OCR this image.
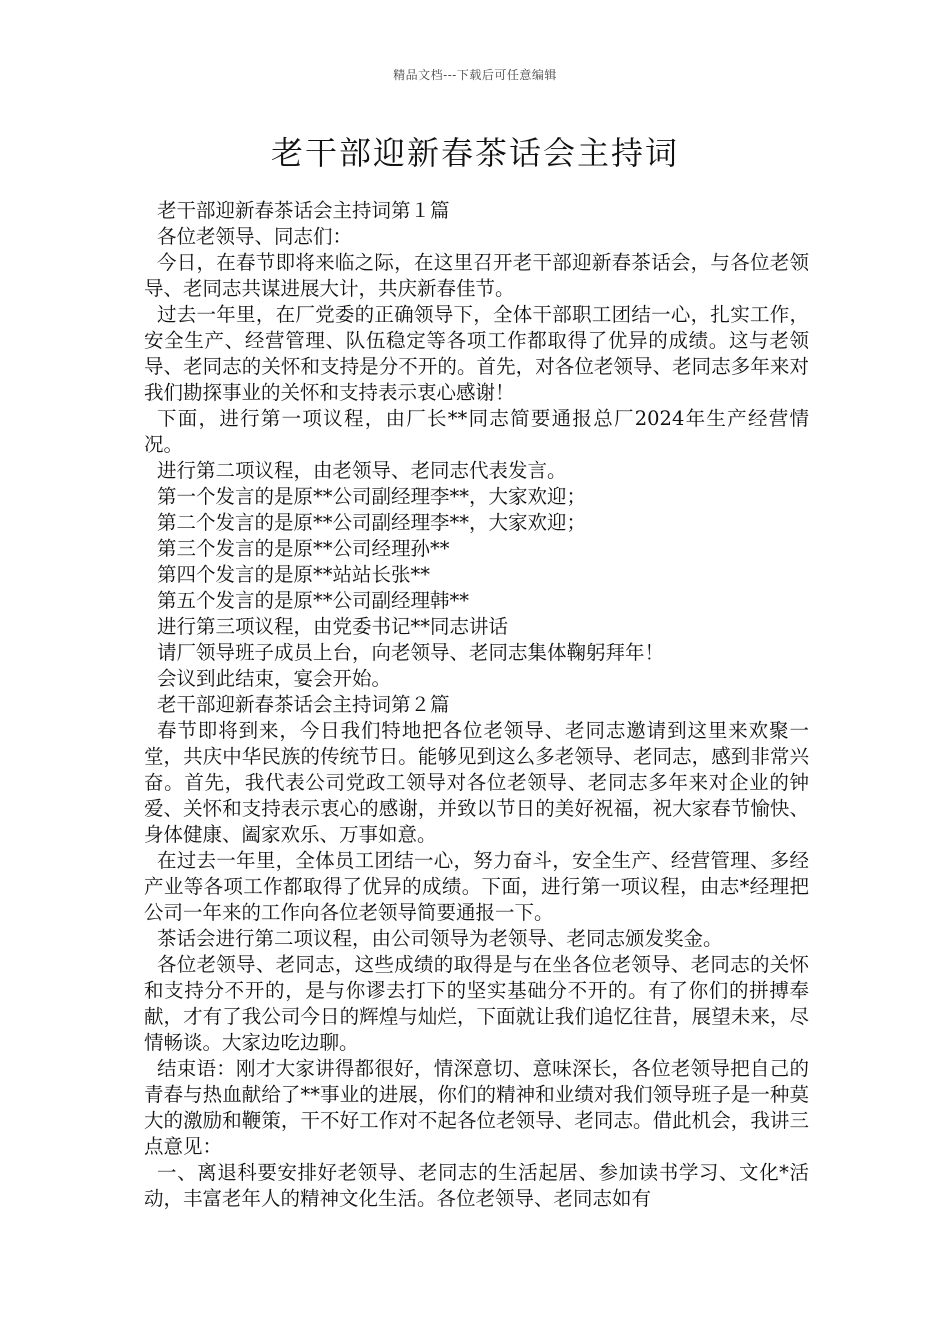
精品文档---下载后可任意编辑
老干部迎新春茶话会主持词

老干部迎新春茶话会主持词第１篇

各位老领导、同志们：

今日，在春节即将来临之际，在这里召开老干部迎新春茶话会，与各位老领导、老同志共谋进展大计，共庆新春佳节。

过去一年里，在厂党委的正确领导下，全体干部职工团结一心，扎实工作，安全生产、经营管理、队伍稳定等各项工作都取得了优异的成绩。这与老领导、老同志的关怀和支持是分不开的。首先，对各位老领导、老同志多年来对我们勘探事业的关怀和支持表示衷心感谢！

下面，进行第一项议程，由厂长**同志简要通报总厂2024年生产经营情况。

进行第二项议程，由老领导、老同志代表发言。

第一个发言的是原**公司副经理李**，大家欢迎；

第二个发言的是原**公司副经理李**，大家欢迎；

第三个发言的是原**公司经理孙**

第四个发言的是原**站站长张**

第五个发言的是原**公司副经理韩**

进行第三项议程，由党委书记**同志讲话

请厂领导班子成员上台，向老领导、老同志集体鞠躬拜年！

会议到此结束，宴会开始。

老干部迎新春茶话会主持词第２篇

春节即将到来，今日我们特地把各位老领导、老同志邀请到这里来欢聚一堂，共庆中华民族的传统节日。能够见到这么多老领导、老同志，感到非常兴奋。首先，我代表公司党政工领导对各位老领导、老同志多年来对企业的钟爱、关怀和支持表示衷心的感谢，并致以节日的美好祝福，祝大家春节愉快、身体健康、阖家欢乐、万事如意。

在过去一年里，全体员工团结一心，努力奋斗，安全生产、经营管理、多经产业等各项工作都取得了优异的成绩。下面，进行第一项议程，由志*经理把公司一年来的工作向各位老领导简要通报一下。

茶话会进行第二项议程，由公司领导为老领导、老同志颁发奖金。

各位老领导、老同志，这些成绩的取得是与在坐各位老领导、老同志的关怀和支持分不开的，是与你谬去打下的坚实基础分不开的。有了你们的拼搏奉献，才有了我公司今日的辉煌与灿烂，下面就让我们追忆往昔，展望未来，尽情畅谈。大家边吃边聊。

结束语：刚才大家讲得都很好，情深意切、意味深长，各位老领导把自己的青春与热血献给了**事业的进展，你们的精神和业绩对我们领导班子是一种莫大的激励和鞭策，干不好工作对不起各位老领导、老同志。借此机会，我讲三点意见：

一、离退科要安排好老领导、老同志的生活起居、参加读书学习、文化*活动，丰富老年人的精神文化生活。各位老领导、老同志如有
